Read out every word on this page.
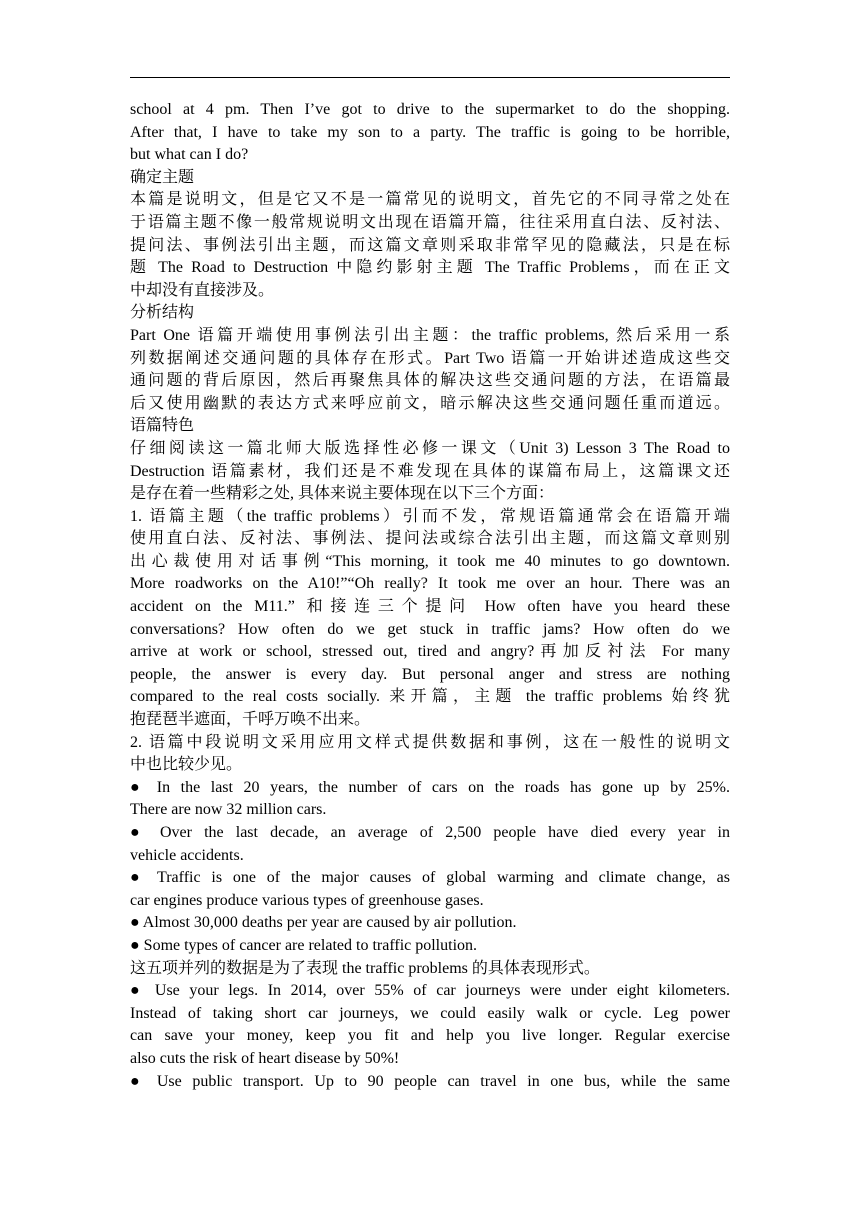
school at 4 pm. Then I’ve got to drive to the supermarket to do the shopping.
After that, I have to take my son to a party. The traffic is going to be horrible,
but what can I do?
确定主题
本篇是说明文，但是它又不是一篇常见的说明文，首先它的不同寻常之处在
于语篇主题不像一般常规说明文出现在语篇开篇，往往采用直白法、反衬法、
提问法、事例法引出主题，而这篇文章则采取非常罕见的隐藏法，只是在标
题 The Road to Destruction 中隐约影射主题 The Traffic Problems，而在正文
中却没有直接涉及。
分析结构
Part One 语篇开端使用事例法引出主题：the traffic problems, 然后采用一系
列数据阐述交通问题的具体存在形式。Part Two 语篇一开始讲述造成这些交
通问题的背后原因，然后再聚焦具体的解决这些交通问题的方法，在语篇最
后又使用幽默的表达方式来呼应前文，暗示解决这些交通问题任重而道远。
语篇特色
仔细阅读这一篇北师大版选择性必修一课文（Unit 3) Lesson 3 The Road to
Destruction 语篇素材，我们还是不难发现在具体的谋篇布局上，这篇课文还
是存在着一些精彩之处, 具体来说主要体现在以下三个方面：
1. 语篇主题（the traffic problems）引而不发，常规语篇通常会在语篇开端
使用直白法、反衬法、事例法、提问法或综合法引出主题，而这篇文章则别
出心裁使用对话事例“This morning, it took me 40 minutes to go downtown.
More roadworks on the A10!”“Oh really? It took me over an hour. There was an
accident on the M11.” 和接连三个提问 How often have you heard these
conversations? How often do we get stuck in traffic jams? How often do we
arrive at work or school, stressed out, tired and angry?再加反衬法 For many
people, the answer is every day. But personal anger and stress are nothing
compared to the real costs socially. 来开篇，主题 the traffic problems 始终犹
抱琵琶半遮面，千呼万唤不出来。
2. 语篇中段说明文采用应用文样式提供数据和事例，这在一般性的说明文
中也比较少见。
● In the last 20 years, the number of cars on the roads has gone up by 25%.
There are now 32 million cars.
● Over the last decade, an average of 2,500 people have died every year in
vehicle accidents.
● Traffic is one of the major causes of global warming and climate change, as
car engines produce various types of greenhouse gases.
● Almost 30,000 deaths per year are caused by air pollution.
● Some types of cancer are related to traffic pollution.
这五项并列的数据是为了表现 the traffic problems 的具体表现形式。
● Use your legs. In 2014, over 55% of car journeys were under eight kilometers.
Instead of taking short car journeys, we could easily walk or cycle. Leg power
can save your money, keep you fit and help you live longer. Regular exercise
also cuts the risk of heart disease by 50%!
● Use public transport. Up to 90 people can travel in one bus, while the same
